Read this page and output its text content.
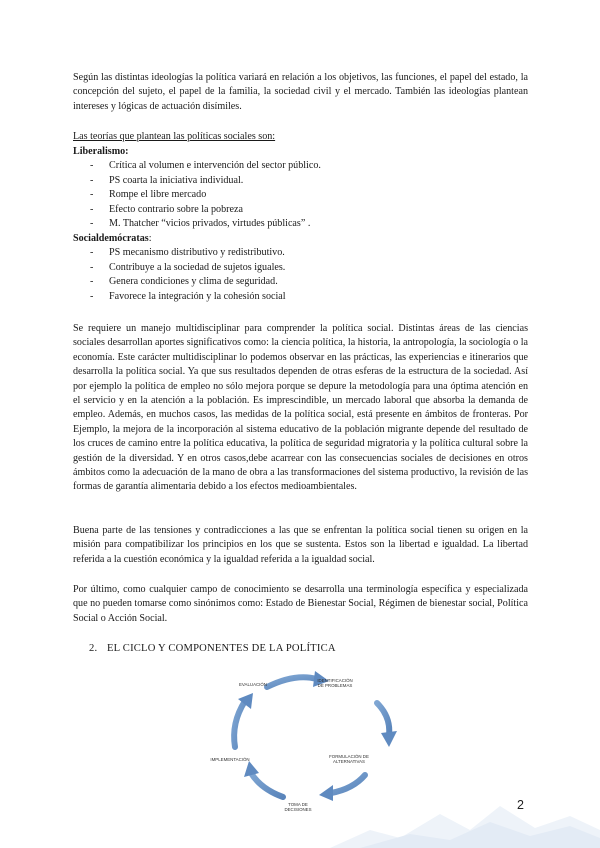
Según las distintas ideologías la política variará en relación a los objetivos, las funciones, el papel del estado, la concepción del sujeto, el papel de la familia, la sociedad civil y el mercado. También las ideologías plantean intereses y lógicas de actuación disímiles.

Las teorías que plantean las políticas sociales son:
Liberalismo:
- Crítica al volumen e intervención del sector público.
- PS coarta la iniciativa individual.
- Rompe el libre mercado
- Efecto contrario sobre la pobreza
- M. Thatcher “vicios privados, virtudes públicas” .
Socialdemócratas:
- PS mecanismo distributivo y redistributivo.
- Contribuye a la sociedad de sujetos iguales.
- Genera condiciones y clima de seguridad.
- Favorece la integración y la cohesión social

Se requiere un manejo multidisciplinar para comprender la política social. Distintas áreas de las ciencias sociales desarrollan aportes significativos como: la ciencia política, la historia, la antropología, la sociología o la economía. Este carácter multidisciplinar lo podemos observar en las prácticas, las experiencias e itinerarios que desarrolla la política social. Ya que sus resultados dependen de otras esferas de la estructura de la sociedad. Así por ejemplo la política de empleo no sólo mejora porque se depure la metodología para una óptima atención en el servicio y en la atención a la población. Es imprescindible, un mercado laboral que absorba la demanda de empleo. Además, en muchos casos, las medidas de la política social, está presente en ámbitos de fronteras. Por Ejemplo, la mejora de la incorporación al sistema educativo de la población migrante depende del resultado de los cruces de camino entre la política educativa, la política de seguridad migratoria y la política cultural sobre la gestión de la diversidad. Y en otros casos,debe acarrear con las consecuencias sociales de decisiones en otros ámbitos como la adecuación de la mano de obra a las transformaciones del sistema productivo, la revisión de las formas de garantía alimentaria debido a los efectos medioambientales.

Buena parte de las tensiones y contradicciones a las que se enfrentan la política social tienen su origen en la misión para compatibilizar los principios en los que se sustenta. Estos son la libertad e igualdad. La libertad referida a la cuestión económica y la igualdad referida a la igualdad social.

Por último, como cualquier campo de conocimiento se desarrolla una terminología específica y especializada que no pueden tomarse como sinónimos como: Estado de Bienestar Social, Régimen de bienestar social, Política Social o Acción Social.

2. EL CICLO Y COMPONENTES DE LA POLÍTICA
EVALUACIÓN
IDENTIFICACIÓN
DE PROBLEMAS
FORMULACIÓN DE
ALTERNATIVAS
TOMA DE
DECISIONES
IMPLEMENTACIÓN
2
